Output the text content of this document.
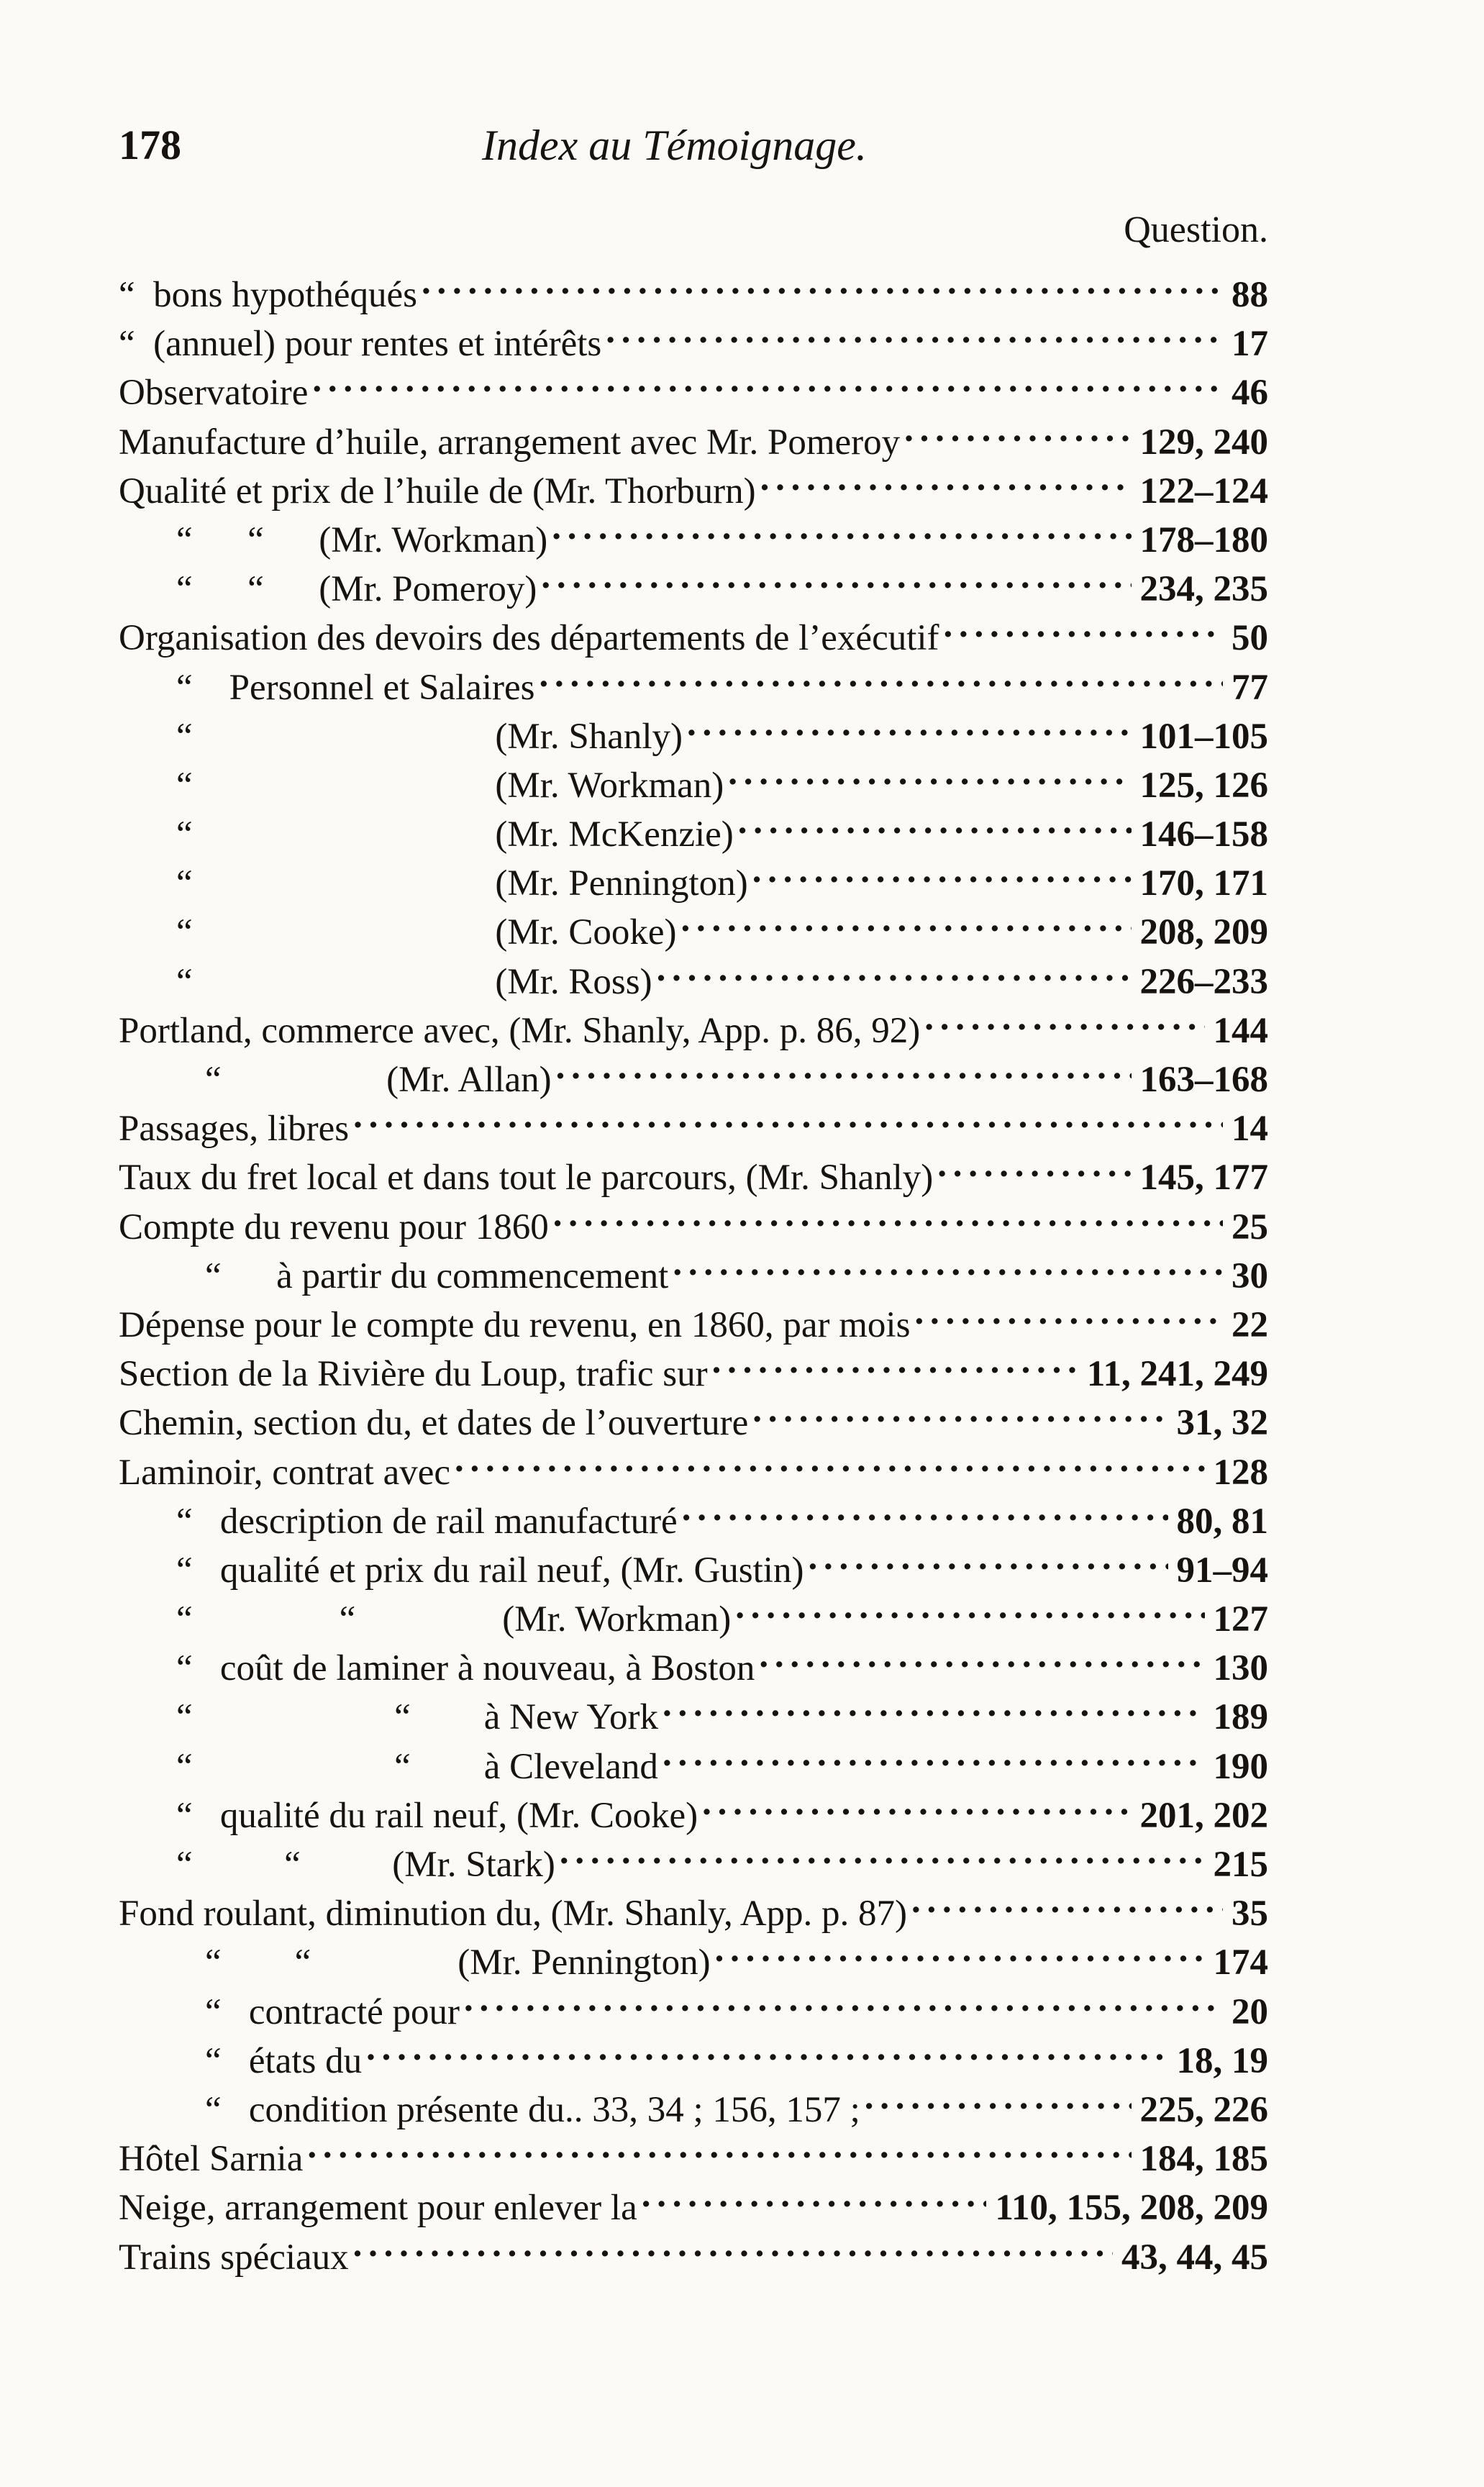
178	Index au Témoignage.
Question.
“  bons hypothéqués . . .	88
“  (annuel) pour rentes et intérêts . . .	17
Observatoire . . .	46
Manufacture d’huile, arrangement avec Mr. Pomeroy . . .	129, 240
Qualité et prix de l’huile de (Mr. Thorburn) . . .	122–124
“      “      (Mr. Workman) . . .	178–180
“      “      (Mr. Pomeroy) . . .	234, 235
Organisation des devoirs des départements de l’exécutif . . .	50
“    Personnel et Salaires . . .	77
“                                 (Mr. Shanly) . . .	101–105
“                                 (Mr. Workman) . . .	125, 126
“                                 (Mr. McKenzie) . . .	146–158
“                                 (Mr. Pennington) . . .	170, 171
“                                 (Mr. Cooke) . . .	208, 209
“                                 (Mr. Ross) . . .	226–233
Portland, commerce avec, (Mr. Shanly, App. p. 86, 92) . . .	144
“                  (Mr. Allan) . . .	163–168
Passages, libres . . .	14
Taux du fret local et dans tout le parcours, (Mr. Shanly) . . .	145, 177
Compte du revenu pour 1860 . . .	25
“      à partir du commencement . . .	30
Dépense pour le compte du revenu, en 1860, par mois . . .	22
Section de la Rivière du Loup, trafic sur . . .	11, 241, 249
Chemin, section du, et dates de l’ouverture . . .	31, 32
Laminoir, contrat avec . . .	128
“   description de rail manufacturé . . .	80, 81
“   qualité et prix du rail neuf, (Mr. Gustin) . . .	91–94
“                “                (Mr. Workman) . . .	127
“   coût de laminer à nouveau, à Boston . . .	130
“                      “        à New York . . .	189
“                      “        à Cleveland . . .	190
“   qualité du rail neuf, (Mr. Cooke) . . .	201, 202
“          “          (Mr. Stark) . . .	215
Fond roulant, diminution du, (Mr. Shanly, App. p. 87) . . .	35
“        “                (Mr. Pennington) . . .	174
“   contracté pour . . .	20
“   états du . . .	18, 19
“   condition présente du.. 33, 34 ; 156, 157 ; . . .	225, 226
Hôtel Sarnia . . .	184, 185
Neige, arrangement pour enlever la . . .	110, 155, 208, 209
Trains spéciaux . . .	43, 44, 45
